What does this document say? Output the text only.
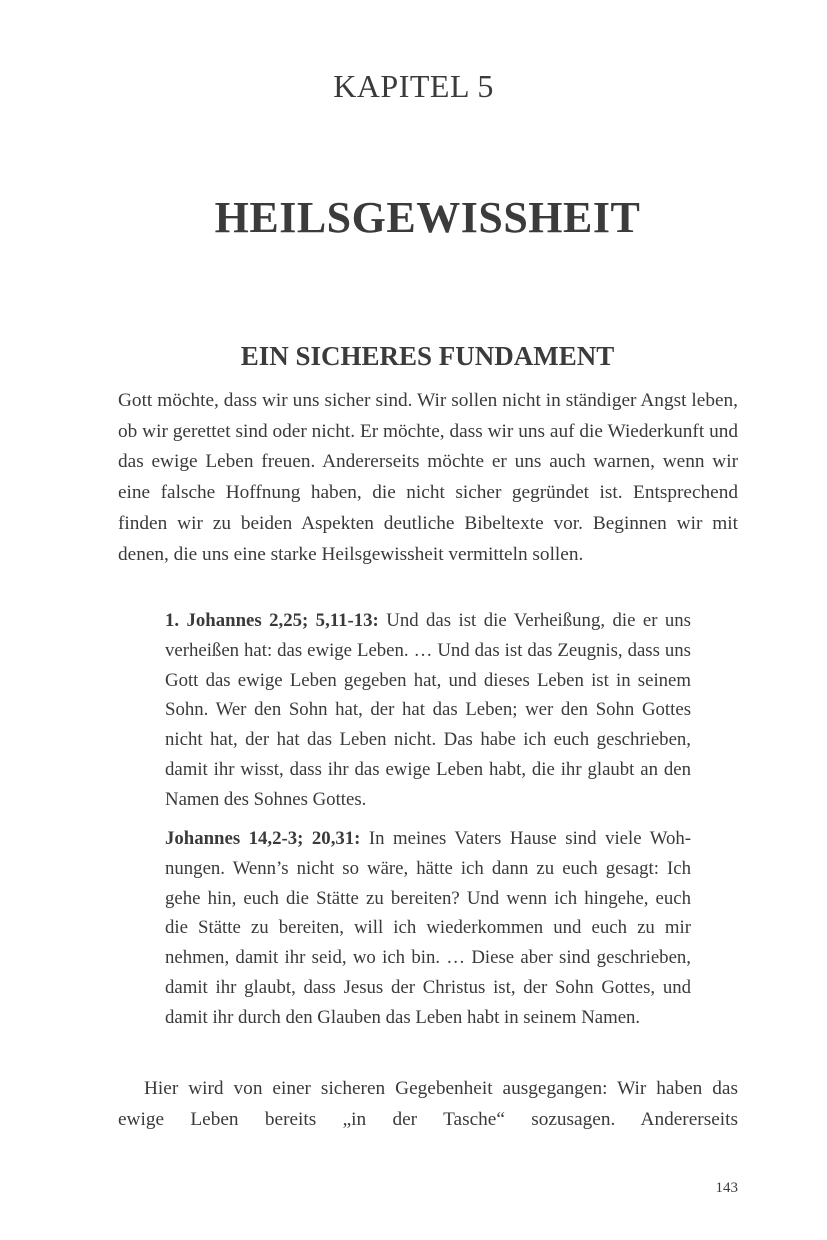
KAPITEL 5
HEILSGEWISSHEIT
EIN SICHERES FUNDAMENT

Gott möchte, dass wir uns sicher sind. Wir sollen nicht in ständiger Angst leben, ob wir gerettet sind oder nicht. Er möchte, dass wir uns auf die Wiederkunft und das ewige Leben freuen. Andererseits möchte er uns auch warnen, wenn wir eine falsche Hoffnung haben, die nicht sicher gegründet ist. Entsprechend finden wir zu beiden Aspekten deutliche Bibeltexte vor. Beginnen wir mit denen, die uns eine starke Heilsgewissheit vermitteln sollen.

1. Johannes 2,25; 5,11-13: Und das ist die Verheißung, die er uns verheißen hat: das ewige Leben. … Und das ist das Zeugnis, dass uns Gott das ewige Leben gegeben hat, und dieses Leben ist in seinem Sohn. Wer den Sohn hat, der hat das Leben; wer den Sohn Gottes nicht hat, der hat das Leben nicht. Das habe ich euch geschrieben, damit ihr wisst, dass ihr das ewige Leben habt, die ihr glaubt an den Namen des Sohnes Gottes.

Johannes 14,2-3; 20,31: In meines Vaters Hause sind viele Wohnungen. Wenn’s nicht so wäre, hätte ich dann zu euch gesagt: Ich gehe hin, euch die Stätte zu bereiten? Und wenn ich hingehe, euch die Stätte zu bereiten, will ich wiederkommen und euch zu mir nehmen, damit ihr seid, wo ich bin. … Diese aber sind geschrieben, damit ihr glaubt, dass Jesus der Christus ist, der Sohn Gottes, und damit ihr durch den Glauben das Leben habt in seinem Namen.

Hier wird von einer sicheren Gegebenheit ausgegangen: Wir haben das ewige Leben bereits „in der Tasche“ sozusagen. Andererseits

143
